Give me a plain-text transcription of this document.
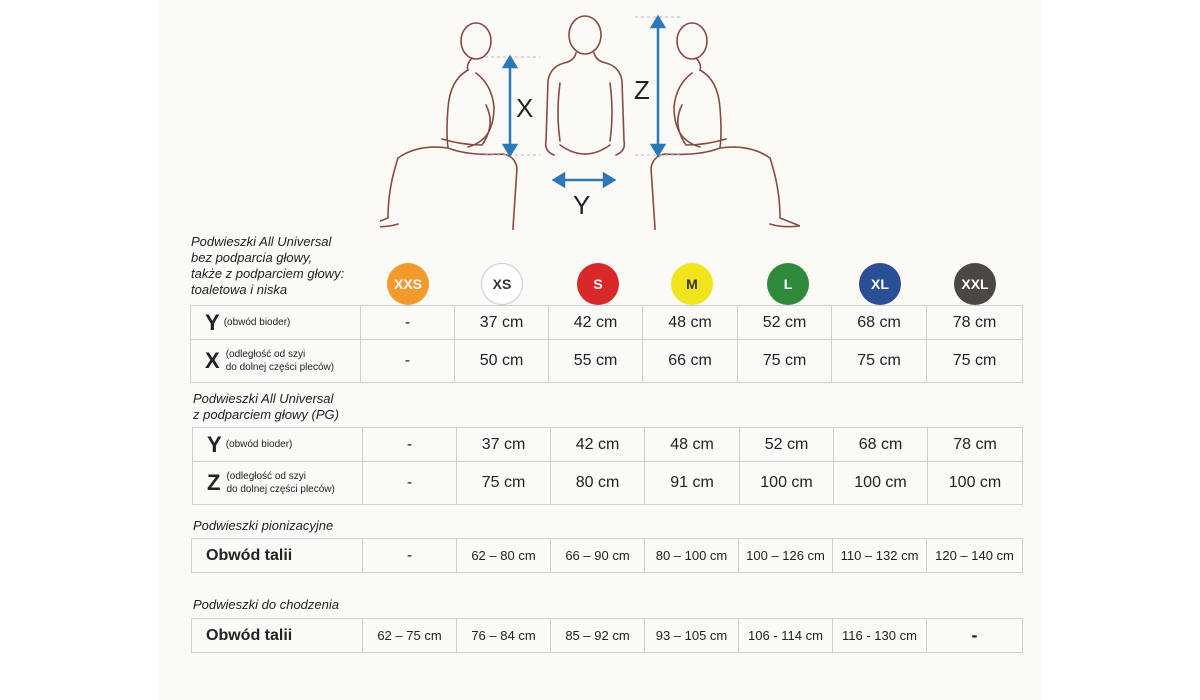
X
Y
Z
Podwieszki All Universal
bez podparcia głowy,
także z podparciem głowy:
toaletowa i niska	XXS	XS	S	M	L	XL	XXL
Y (obwód bioder)	-	37 cm	42 cm	48 cm	52 cm	68 cm	78 cm
X (odległość od szyi
do dolnej części pleców)	-	50 cm	55 cm	66 cm	75 cm	75 cm	75 cm
Podwieszki All Universal
z podparciem głowy (PG)
Y (obwód bioder)	-	37 cm	42 cm	48 cm	52 cm	68 cm	78 cm
Z (odległość od szyi
do dolnej części pleców)	-	75 cm	80 cm	91 cm	100 cm	100 cm	100 cm
Podwieszki pionizacyjne
Obwód talii	-	62 – 80 cm	66 – 90 cm	80 – 100 cm	100 – 126 cm	110 – 132 cm	120 – 140 cm
Podwieszki do chodzenia
Obwód talii	62 – 75 cm	76 – 84 cm	85 – 92 cm	93 – 105 cm	106 - 114 cm	116 - 130 cm	-
